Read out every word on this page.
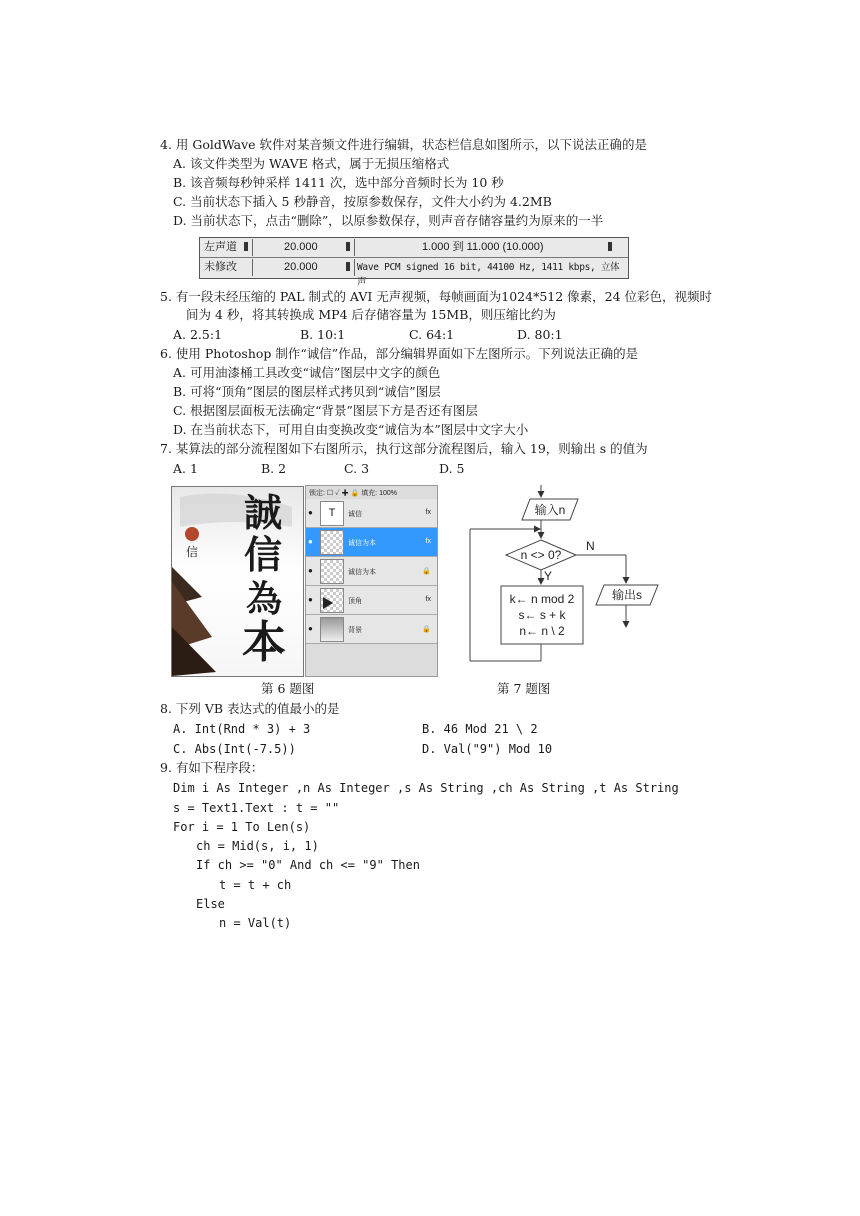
4. 用 GoldWave 软件对某音频文件进行编辑，状态栏信息如图所示，以下说法正确的是
A. 该文件类型为 WAVE 格式，属于无损压缩格式
B. 该音频每秒钟采样 1411 次，选中部分音频时长为 10 秒
C. 当前状态下插入 5 秒静音，按原参数保存，文件大小约为 4.2MB
D. 当前状态下，点击“删除”，以原参数保存，则声音存储容量约为原来的一半
左声道	20.000	1.000 到 11.000 (10.000)
未修改	20.000	Wave PCM signed 16 bit, 44100 Hz, 1411 kbps, 立体声
5. 有一段未经压缩的 PAL 制式的 AVI 无声视频，每帧画面为1024*512 像素，24 位彩色，视频时
间为 4 秒，将其转换成 MP4 后存储容量为 15MB，则压缩比约为
A. 2.5:1	B. 10:1	C. 64:1	D. 80:1
6. 使用 Photoshop 制作“诚信”作品，部分编辑界面如下左图所示。下列说法正确的是
A. 可用油漆桶工具改变“诚信”图层中文字的颜色
B. 可将“顶角”图层的图层样式拷贝到“诚信”图层
C. 根据图层面板无法确定“背景”图层下方是否还有图层
D. 在当前状态下，可用自由变换改变“诚信为本”图层中文字大小
7. 某算法的部分流程图如下右图所示，执行这部分流程图后，输入 19，则输出 s 的值为
A. 1	B. 2	C. 3	D. 5
信
誠
信
為
本
锁定: ☐ ✓ ✚ 🔒 填充: 100%
●	T	诚信	fx
●	诚信为本	fx
●	诚信为本	🔒
●	顶角	fx
●	背景	🔒
输入n
n <> 0?
Y
N
k← n mod 2
s← s + k
n← n \ 2
输出s
第 6 题图	第 7 题图
8. 下列 VB 表达式的值最小的是
A. Int(Rnd * 3) + 3	B. 46 Mod 21 \ 2
C. Abs(Int(-7.5))	D. Val("9") Mod 10
9. 有如下程序段：
Dim i As Integer ,n As Integer ,s As String ,ch As String ,t As String
s = Text1.Text : t = ""
For i = 1 To Len(s)
ch = Mid(s, i, 1)
If ch >= "0" And ch <= "9" Then
t = t + ch
Else
n = Val(t)
